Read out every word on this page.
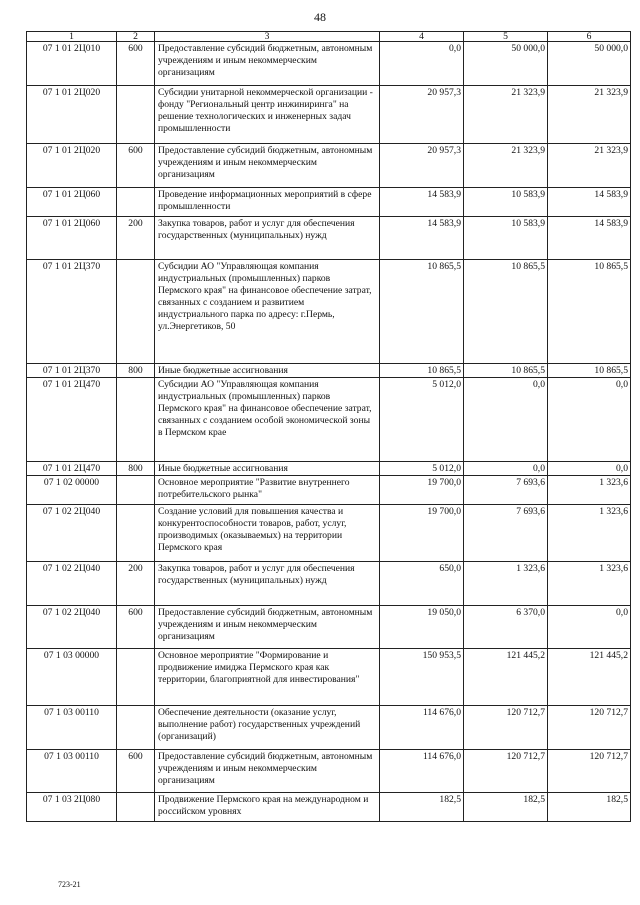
48
1	2	3	4	5	6
07 1 01 2Ц010	600	Предоставление субсидий бюджетным, автономным учреждениям и иным некоммерческим организациям	0,0	50 000,0	50 000,0
07 1 01 2Ц020		Субсидии унитарной некоммерческой организации - фонду "Региональный центр инжиниринга" на решение технологических и инженерных задач промышленности	20 957,3	21 323,9	21 323,9
07 1 01 2Ц020	600	Предоставление субсидий бюджетным, автономным учреждениям и иным некоммерческим организациям	20 957,3	21 323,9	21 323,9
07 1 01 2Ц060		Проведение информационных мероприятий в сфере промышленности	14 583,9	10 583,9	14 583,9
07 1 01 2Ц060	200	Закупка товаров, работ и услуг для обеспечения государственных (муниципальных) нужд	14 583,9	10 583,9	14 583,9
07 1 01 2Ц370		Субсидии АО "Управляющая компания индустриальных (промышленных) парков Пермского края" на финансовое обеспечение затрат, связанных с созданием и развитием индустриального парка по адресу: г.Пермь, ул.Энергетиков, 50	10 865,5	10 865,5	10 865,5
07 1 01 2Ц370	800	Иные бюджетные ассигнования	10 865,5	10 865,5	10 865,5
07 1 01 2Ц470		Субсидии АО "Управляющая компания индустриальных (промышленных) парков Пермского края" на финансовое обеспечение затрат, связанных с созданием особой экономической зоны в Пермском крае	5 012,0	0,0	0,0
07 1 01 2Ц470	800	Иные бюджетные ассигнования	5 012,0	0,0	0,0
07 1 02 00000		Основное мероприятие "Развитие внутреннего потребительского рынка"	19 700,0	7 693,6	1 323,6
07 1 02 2Ц040		Создание условий для повышения качества и конкурентоспособности товаров, работ, услуг, производимых (оказываемых) на территории Пермского края	19 700,0	7 693,6	1 323,6
07 1 02 2Ц040	200	Закупка товаров, работ и услуг для обеспечения государственных (муниципальных) нужд	650,0	1 323,6	1 323,6
07 1 02 2Ц040	600	Предоставление субсидий бюджетным, автономным учреждениям и иным некоммерческим организациям	19 050,0	6 370,0	0,0
07 1 03 00000		Основное мероприятие "Формирование и продвижение имиджа Пермского края как территории, благоприятной для инвестирования"	150 953,5	121 445,2	121 445,2
07 1 03 00110		Обеспечение деятельности (оказание услуг, выполнение работ) государственных учреждений (организаций)	114 676,0	120 712,7	120 712,7
07 1 03 00110	600	Предоставление субсидий бюджетным, автономным учреждениям и иным некоммерческим организациям	114 676,0	120 712,7	120 712,7
07 1 03 2Ц080		Продвижение Пермского края на международном и российском уровнях	182,5	182,5	182,5
723-21
